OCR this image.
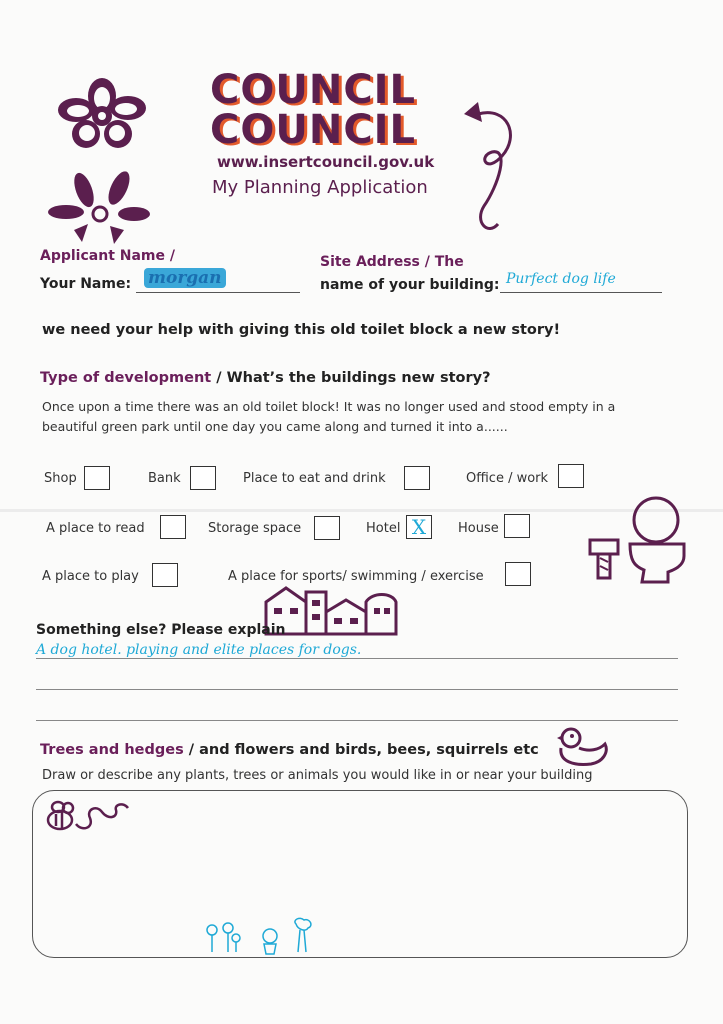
COUNCIL
COUNCIL
www.insertcouncil.gov.uk
My Planning Application
Applicant Name /
Your Name: morgan
Site Address / The
name of your building: Purfect dog life
we need your help with giving this old toilet block a new story!
Type of development / What’s the buildings new story?
Once upon a time there was an old toilet block! It was no longer used and stood empty in a beautiful green park until one day you came along and turned it into a......
Shop	Bank	Place to eat and drink	Office / work
A place to read	Storage space	Hotel X	House
A place to play	A place for sports/ swimming / exercise
Something else? Please explain
A dog hotel. playing and elite places for dogs.
Trees and hedges / and flowers and birds, bees, squirrels etc
Draw or describe any plants, trees or animals you would like in or near your building
